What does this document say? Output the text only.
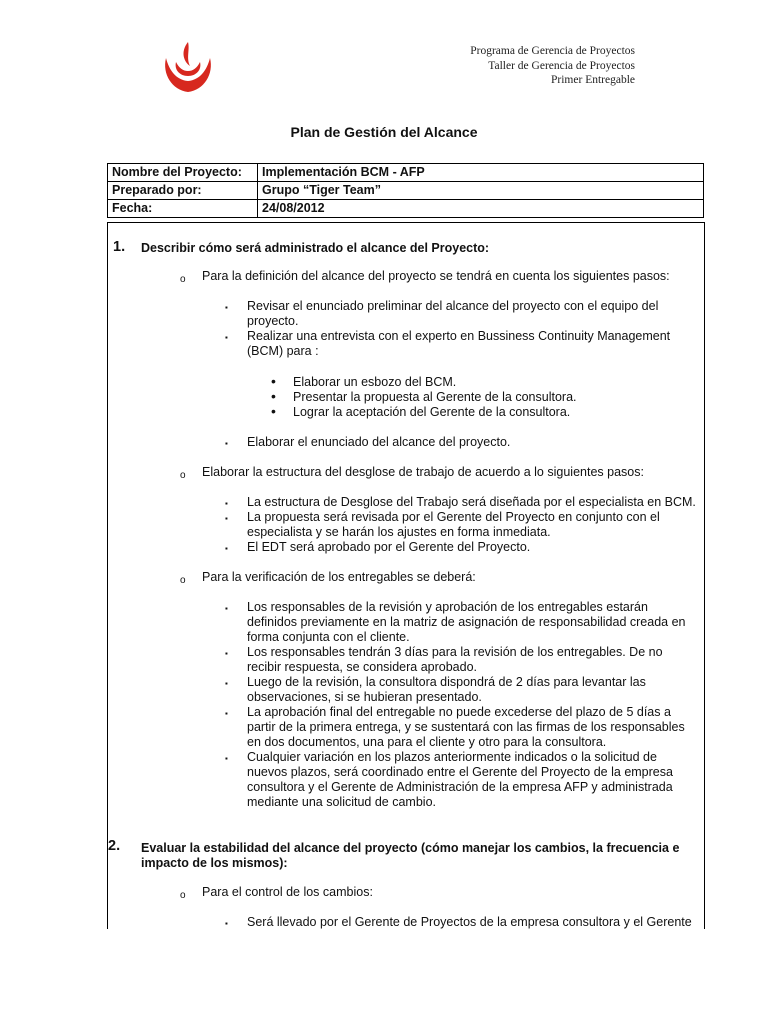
Programa de Gerencia de Proyectos
Taller de Gerencia de Proyectos
Primer Entregable
Plan de Gestión del Alcance
Nombre del Proyecto:	Implementación BCM - AFP
Preparado por:	Grupo “Tiger Team”
Fecha:	24/08/2012
1. Describir cómo será administrado el alcance del Proyecto:
o Para la definición del alcance del proyecto se tendrá en cuenta los siguientes pasos:
▪ Revisar el enunciado preliminar del alcance del proyecto con el equipo del
proyecto.
▪ Realizar una entrevista con el experto en Bussiness Continuity Management
(BCM) para :
• Elaborar un esbozo del BCM.
• Presentar la propuesta al Gerente de la consultora.
• Lograr la aceptación del Gerente de la consultora.
▪ Elaborar el enunciado del alcance del proyecto.
o Elaborar la estructura del desglose de trabajo de acuerdo a lo siguientes pasos:
▪ La estructura de Desglose del Trabajo será diseñada por el especialista en BCM.
▪ La propuesta será revisada por el Gerente del Proyecto en conjunto con el
especialista y se harán los ajustes en forma inmediata.
▪ El EDT será aprobado por el Gerente del Proyecto.
o Para la verificación de los entregables se deberá:
▪ Los responsables de la revisión y aprobación de los entregables estarán
definidos previamente en la matriz de asignación de responsabilidad creada en
forma conjunta con el cliente.
▪ Los responsables tendrán 3 días para la revisión de los entregables. De no
recibir respuesta, se considera aprobado.
▪ Luego de la revisión, la consultora dispondrá de 2 días para levantar las
observaciones, si se hubieran presentado.
▪ La aprobación final del entregable no puede excederse del plazo de 5 días a
partir de la primera entrega, y se sustentará con las firmas de los responsables
en dos documentos, una para el cliente y otro para la consultora.
▪ Cualquier variación en los plazos anteriormente indicados o la solicitud de
nuevos plazos, será coordinado entre el Gerente del Proyecto de la empresa
consultora y el Gerente de Administración de la empresa AFP y administrada
mediante una solicitud de cambio.
2. Evaluar la estabilidad del alcance del proyecto (cómo manejar los cambios, la frecuencia e
impacto de los mismos):
o Para el control de los cambios:
▪ Será llevado por el Gerente de Proyectos de la empresa consultora y el Gerente
